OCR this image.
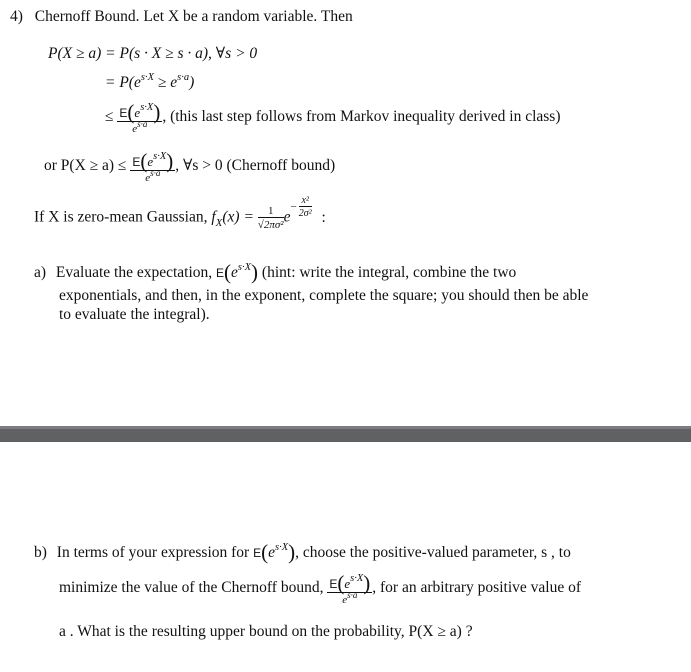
4) Chernoff Bound. Let X be a random variable. Then
P(X ≥ a) = P(s · X ≥ s · a), ∀s > 0
= $P(e^{s\cdot X} \ge e^{s\cdot a})$
≤ $\frac{E(e^{s\cdot X})}{e^{s\cdot a}}$ , (this last step follows from Markov inequality derived in class)
or $P(X \ge a) \le \frac{E(e^{s\cdot X})}{e^{s\cdot a}}$ , ∀s > 0 (Chernoff bound)
If X is zero-mean Gaussian, $f_X(x) = \frac{1}{\text{√2πσ²}}$ e
− $\frac{\text{x²}}{\text{2σ²}}$ :
a) Evaluate the expectation, $E(e^{s\cdot X})$ (hint: write the integral, combine the two
exponentials, and then, in the exponent, complete the square; you should then be able
to evaluate the integral).
b) In terms of your expression for $E(e^{s\cdot X})$, choose the positive-valued parameter, s , to
minimize the value of the Chernoff bound, $\frac{E(e^{s\cdot X})}{e^{s\cdot a}}$ , for an arbitrary positive value of
a . What is the resulting upper bound on the probability, P(X ≥ a) ?
